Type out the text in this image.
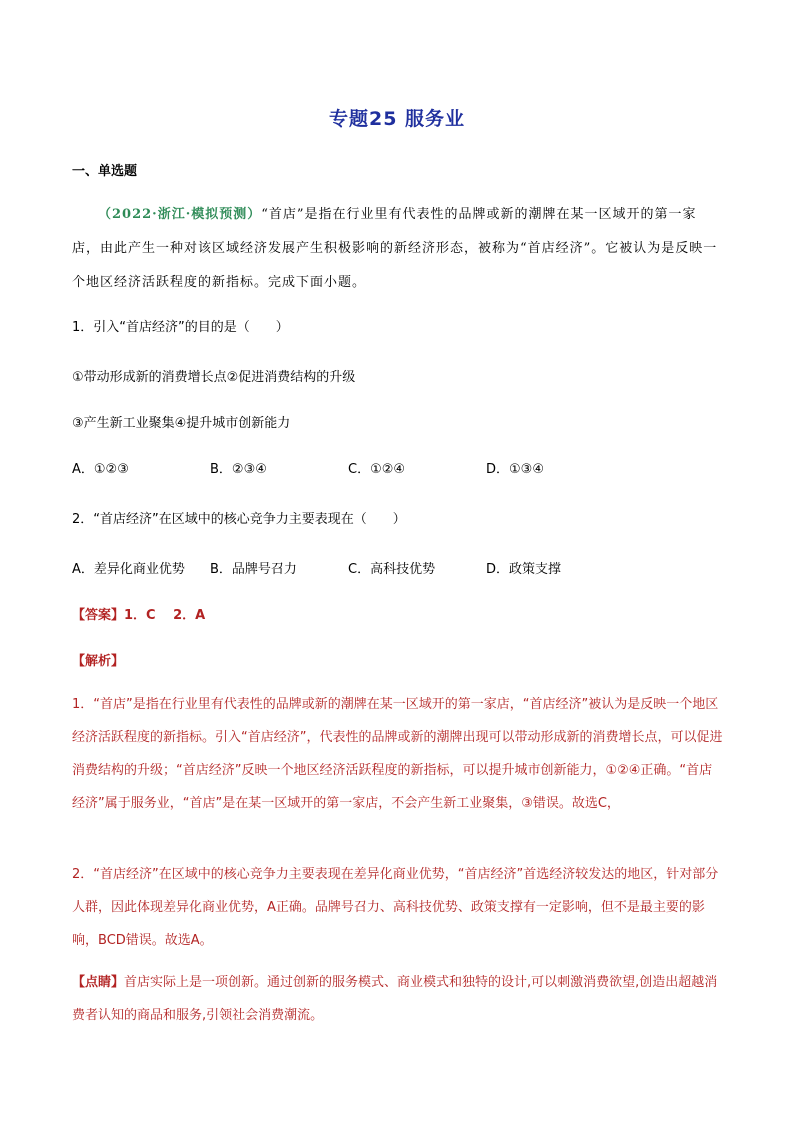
专题25 服务业
一、单选题
（2022·浙江·模拟预测）“首店”是指在行业里有代表性的品牌或新的潮牌在某一区域开的第一家店，由此产生一种对该区域经济发展产生积极影响的新经济形态，被称为“首店经济”。它被认为是反映一个地区经济活跃程度的新指标。完成下面小题。
1．引入“首店经济”的目的是（　　）
①带动形成新的消费增长点②促进消费结构的升级
③产生新工业聚集④提升城市创新能力
A．①②③	B．②③④	C．①②④	D．①③④
2．“首店经济”在区域中的核心竞争力主要表现在（　　）
A．差异化商业优势 B．品牌号召力	C．高科技优势	D．政策支撑
【答案】1．C　 2．A
【解析】

1．“首店”是指在行业里有代表性的品牌或新的潮牌在某一区域开的第一家店，“首店经济”被认为是反映一个地区经济活跃程度的新指标。引入“首店经济”，代表性的品牌或新的潮牌出现可以带动形成新的消费增长点，可以促进消费结构的升级；“首店经济”反映一个地区经济活跃程度的新指标，可以提升城市创新能力，①②④正确。“首店经济”属于服务业，“首店”是在某一区域开的第一家店，不会产生新工业聚集，③错误。故选C，

2．“首店经济”在区域中的核心竞争力主要表现在差异化商业优势，“首店经济”首选经济较发达的地区，针对部分人群，因此体现差异化商业优势，A正确。品牌号召力、高科技优势、政策支撑有一定影响，但不是最主要的影响，BCD错误。故选A。

【点睛】首店实际上是一项创新。通过创新的服务模式、商业模式和独特的设计,可以刺激消费欲望,创造出超越消费者认知的商品和服务,引领社会消费潮流。
